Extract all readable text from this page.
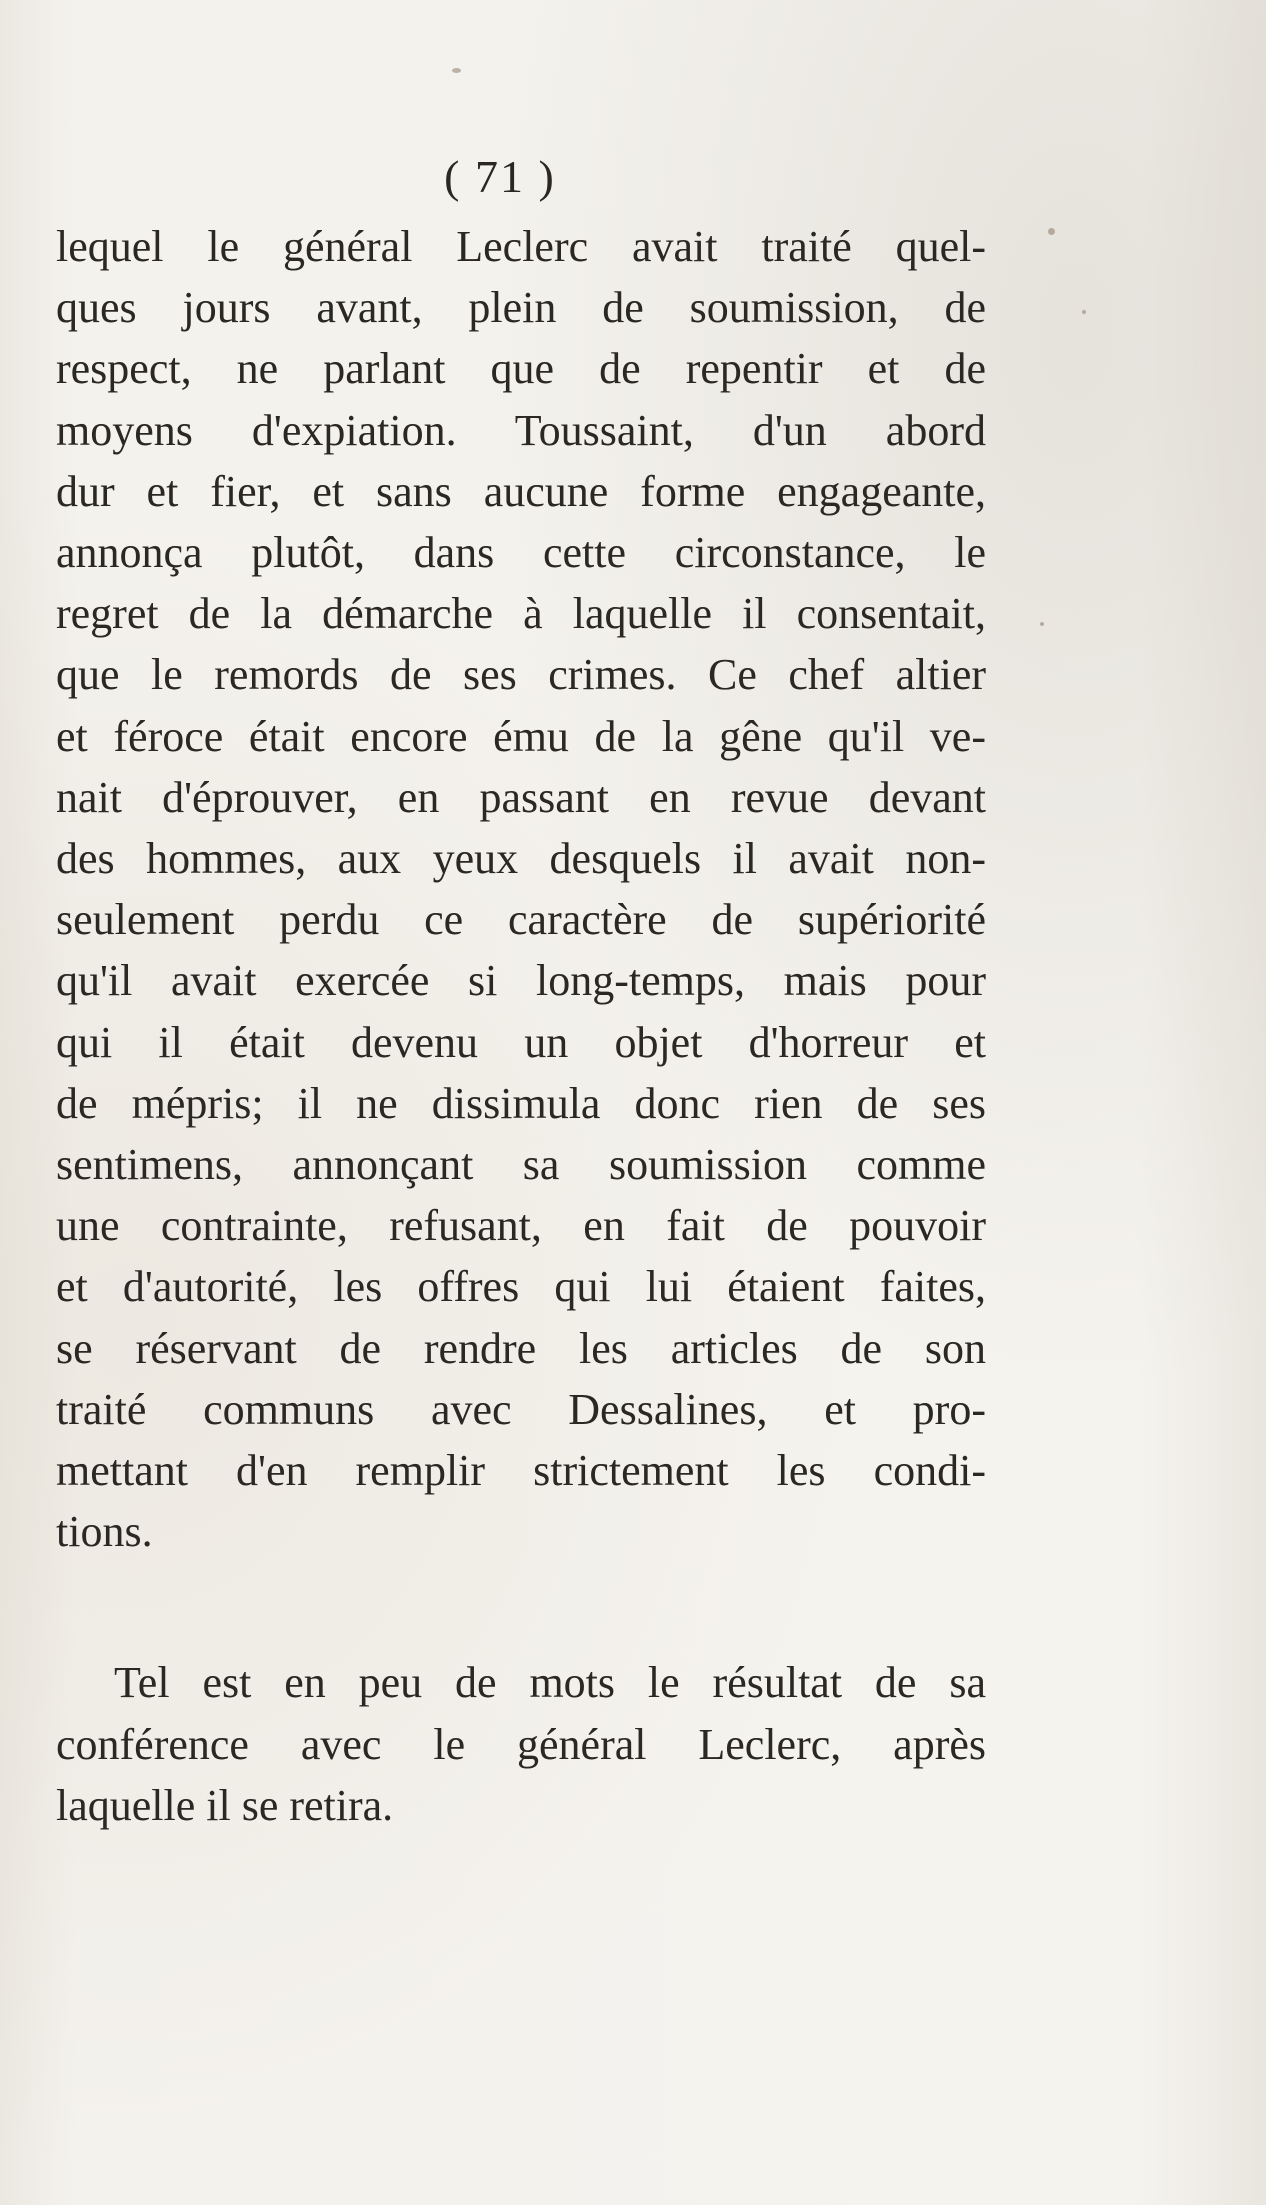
( 71 )
lequel le général Leclerc avait traité quel-
ques jours avant, plein de soumission, de
respect, ne parlant que de repentir et de
moyens d'expiation. Toussaint, d'un abord
dur et fier, et sans aucune forme engageante,
annonça plutôt, dans cette circonstance, le
regret de la démarche à laquelle il consentait,
que le remords de ses crimes. Ce chef altier
et féroce était encore ému de la gêne qu'il ve-
nait d'éprouver, en passant en revue devant
des hommes, aux yeux desquels il avait non-
seulement perdu ce caractère de supériorité
qu'il avait exercée si long-temps, mais pour
qui il était devenu un objet d'horreur et
de mépris; il ne dissimula donc rien de ses
sentimens, annonçant sa soumission comme
une contrainte, refusant, en fait de pouvoir
et d'autorité, les offres qui lui étaient faites,
se réservant de rendre les articles de son
traité communs avec Dessalines, et pro-
mettant d'en remplir strictement les condi-
tions.
Tel est en peu de mots le résultat de sa
conférence avec le général Leclerc, après
laquelle il se retira.
